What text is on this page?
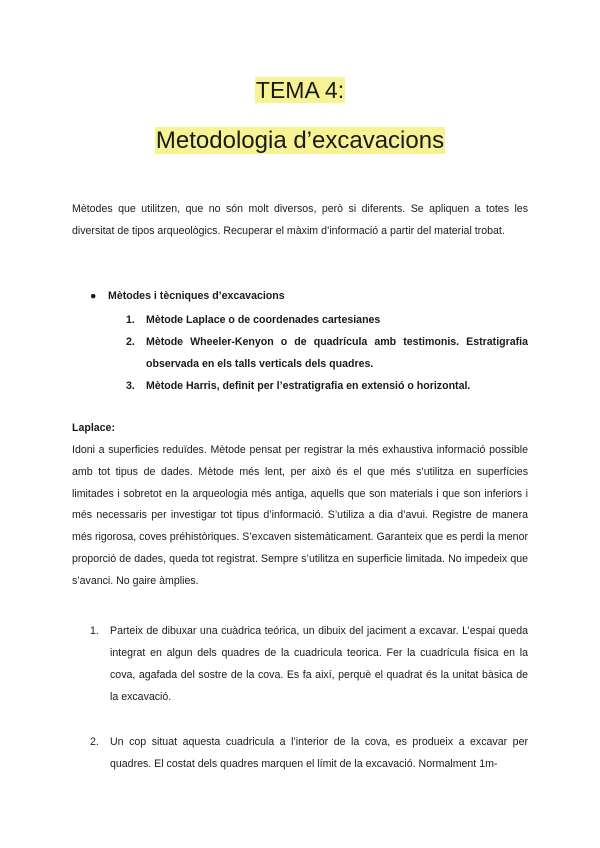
TEMA 4:
Metodologia d’excavacions
Mètodes que utilitzen, que no són molt diversos, però si diferents. Se apliquen a totes les diversitat de tipos arqueològics. Recuperar el màxim d’informació a partir del material trobat.
●	Mètodes i tècniques d’excavacions
1.	Mètode Laplace o de coordenades cartesianes
2.	Mètode Wheeler-Kenyon o de quadrícula amb testimonis. Estratigrafia observada en els talls verticals dels quadres.
3.	Mètode Harris, definit per l’estratigrafia en extensió o horizontal.
Laplace:
Idoni a superficies reduïdes. Mètode pensat per registrar la més exhaustiva informació possible amb tot tipus de dades. Mètode més lent, per això és el que més s’utilitza en superfícies limitades i sobretot en la arqueologia més antiga, aquells que son materials i que son inferiors i més necessaris per investigar tot tipus d’informació. S’utiliza a dia d’avui. Registre de manera més rigorosa, coves préhistòriques. S’excaven sistemàticament. Garanteix que es perdi la menor proporció de dades, queda tot registrat. Sempre s’utilitza en superficie limitada. No impedeix que s’avanci. No gaire àmplies.
1.	Parteix de dibuxar una cuàdrica teórica, un dibuix del jaciment a excavar. L’espai queda integrat en algun dels quadres de la cuadricula teorica. Fer la cuadrícula física en la cova, agafada del sostre de la cova. Es fa així, perquè el quadrat és la unitat bàsica de la excavació.
2.	Un cop situat aquesta cuadricula a l’interior de la cova, es produeix a excavar per quadres. El costat dels quadres marquen el límit de la excavació. Normalment 1m-
